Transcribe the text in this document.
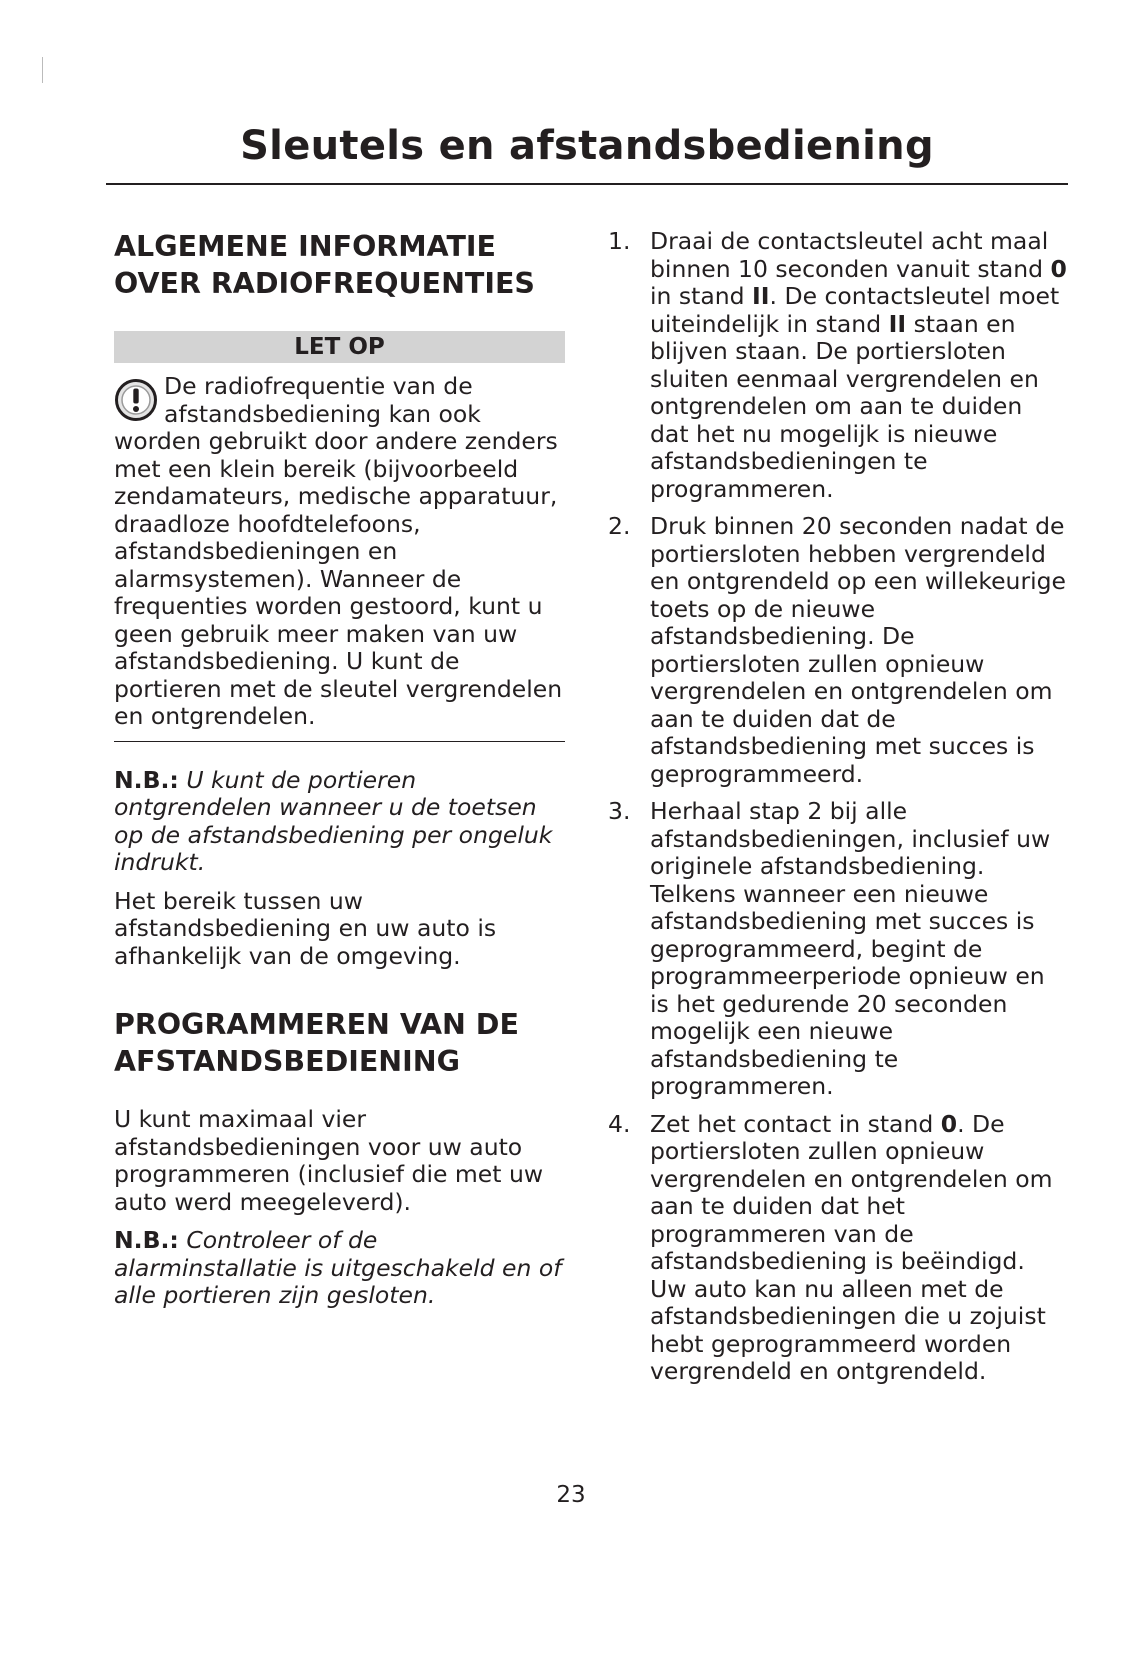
Sleutels en afstandsbediening
ALGEMENE INFORMATIE OVER RADIOFREQUENTIES
LET OP

De radiofrequentie van de afstandsbediening kan ook worden gebruikt door andere zenders met een klein bereik (bijvoorbeeld zendamateurs, medische apparatuur, draadloze hoofdtelefoons, afstandsbedieningen en alarmsystemen). Wanneer de frequenties worden gestoord, kunt u geen gebruik meer maken van uw afstandsbediening. U kunt de portieren met de sleutel vergrendelen en ontgrendelen.

N.B.: U kunt de portieren ontgrendelen wanneer u de toetsen op de afstandsbediening per ongeluk indrukt.

Het bereik tussen uw afstandsbediening en uw auto is afhankelijk van de omgeving.

PROGRAMMEREN VAN DE AFSTANDSBEDIENING

U kunt maximaal vier afstandsbedieningen voor uw auto programmeren (inclusief die met uw auto werd meegeleverd).

N.B.: Controleer of de alarminstallatie is uitgeschakeld en of alle portieren zijn gesloten.

1. Draai de contactsleutel acht maal binnen 10 seconden vanuit stand 0 in stand II. De contactsleutel moet uiteindelijk in stand II staan en blijven staan. De portiersloten sluiten eenmaal vergrendelen en ontgrendelen om aan te duiden dat het nu mogelijk is nieuwe afstandsbedieningen te programmeren.
2. Druk binnen 20 seconden nadat de portiersloten hebben vergrendeld en ontgrendeld op een willekeurige toets op de nieuwe afstandsbediening. De portiersloten zullen opnieuw vergrendelen en ontgrendelen om aan te duiden dat de afstandsbediening met succes is geprogrammeerd.
3. Herhaal stap 2 bij alle afstandsbedieningen, inclusief uw originele afstandsbediening. Telkens wanneer een nieuwe afstandsbediening met succes is geprogrammeerd, begint de programmeerperiode opnieuw en is het gedurende 20 seconden mogelijk een nieuwe afstandsbediening te programmeren.
4. Zet het contact in stand 0. De portiersloten zullen opnieuw vergrendelen en ontgrendelen om aan te duiden dat het programmeren van de afstandsbediening is beëindigd. Uw auto kan nu alleen met de afstandsbedieningen die u zojuist hebt geprogrammeerd worden vergrendeld en ontgrendeld.
23
